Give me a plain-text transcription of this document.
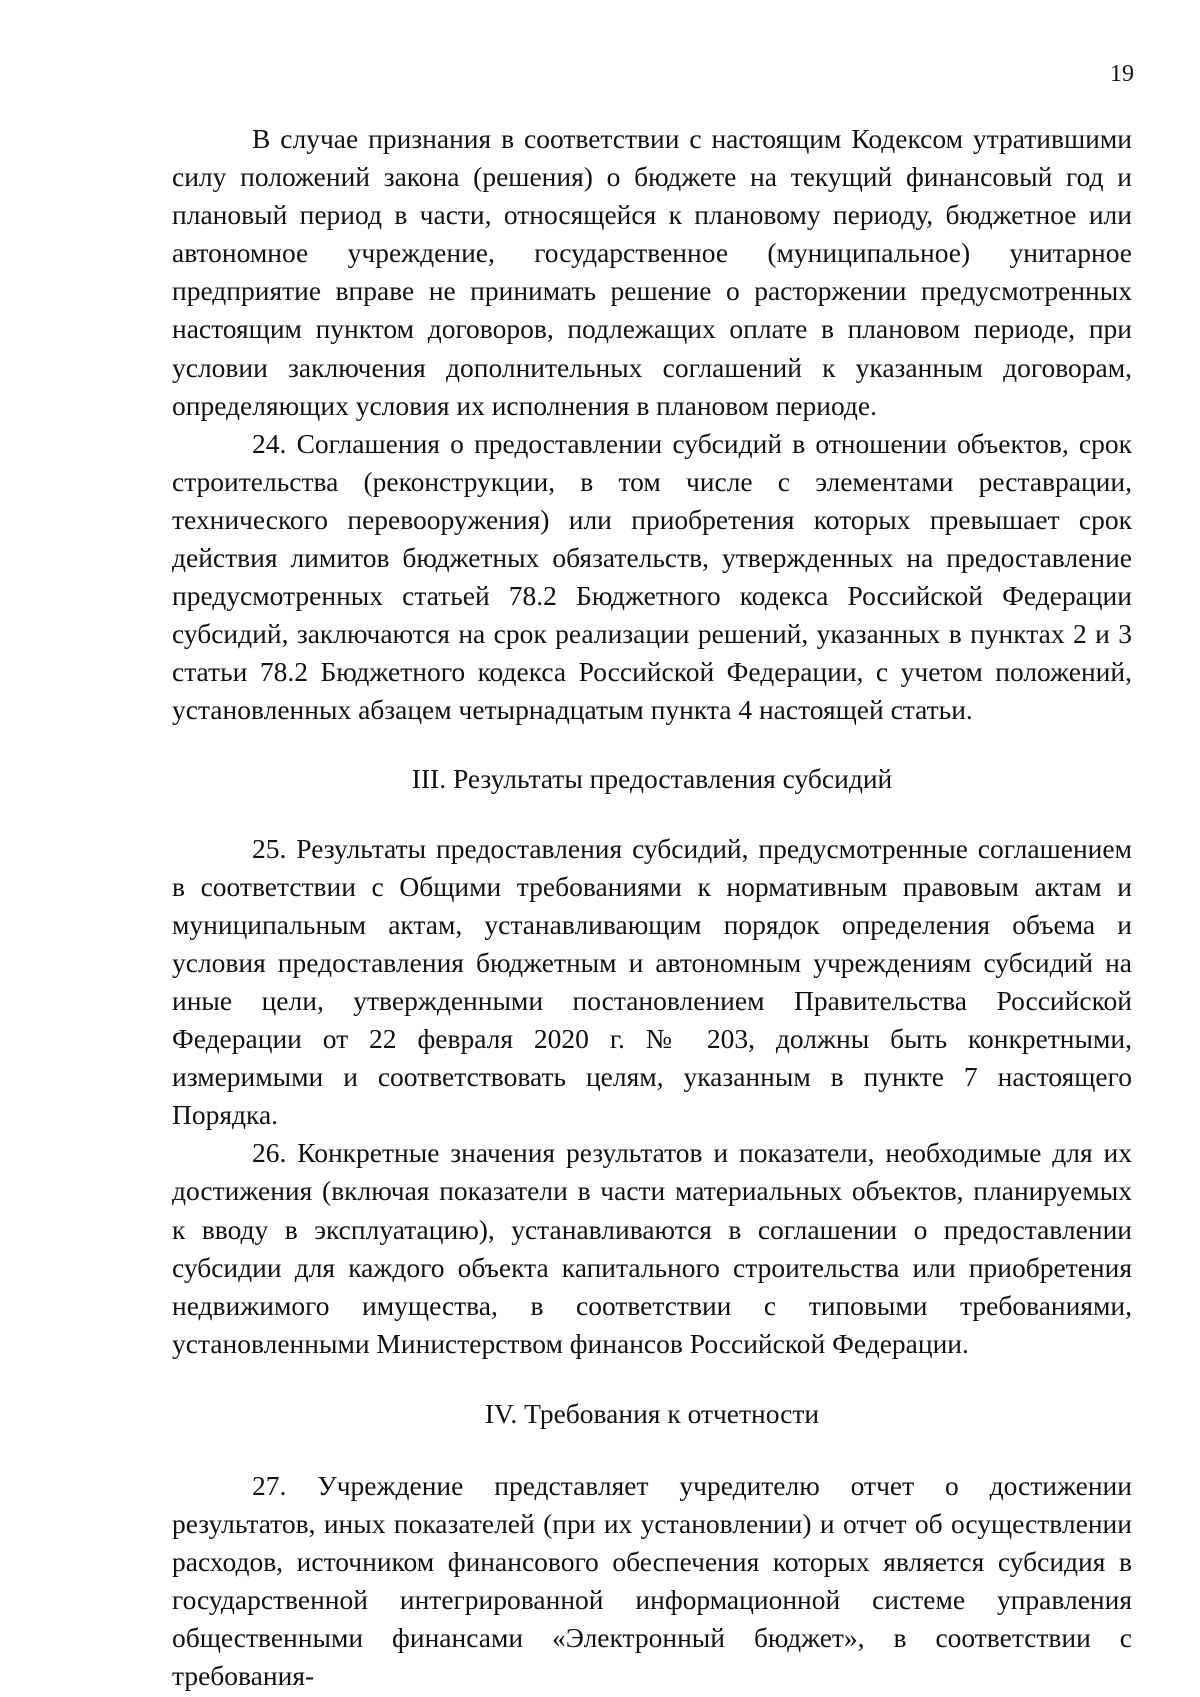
19

В случае признания в соответствии с настоящим Кодексом утратившими силу положений закона (решения) о бюджете на текущий финансовый год и плановый период в части, относящейся к плановому периоду, бюджетное или автономное учреждение, государственное (муниципальное) унитарное предприятие вправе не принимать решение о расторжении предусмотренных настоящим пунктом договоров, подлежащих оплате в плановом периоде, при условии заключения дополнительных соглашений к указанным договорам, определяющих условия их исполнения в плановом периоде.

24. Соглашения о предоставлении субсидий в отношении объектов, срок строительства (реконструкции, в том числе с элементами реставрации, технического перевооружения) или приобретения которых превышает срок действия лимитов бюджетных обязательств, утвержденных на предоставление предусмотренных статьей 78.2 Бюджетного кодекса Российской Федерации субсидий, заключаются на срок реализации решений, указанных в пунктах 2 и 3 статьи 78.2 Бюджетного кодекса Российской Федерации, с учетом положений, установленных абзацем четырнадцатым пункта 4 настоящей статьи.

III. Результаты предоставления субсидий

25. Результаты предоставления субсидий, предусмотренные соглашением в соответствии с Общими требованиями к нормативным правовым актам и муниципальным актам, устанавливающим порядок определения объема и условия предоставления бюджетным и автономным учреждениям субсидий на иные цели, утвержденными постановлением Правительства Российской Федерации от 22 февраля 2020 г. № 203, должны быть конкретными, измеримыми и соответствовать целям, указанным в пункте 7 настоящего Порядка.

26. Конкретные значения результатов и показатели, необходимые для их достижения (включая показатели в части материальных объектов, планируемых к вводу в эксплуатацию), устанавливаются в соглашении о предоставлении субсидии для каждого объекта капитального строительства или приобретения недвижимого имущества, в соответствии с типовыми требованиями, установленными Министерством финансов Российской Федерации.

IV. Требования к отчетности

27. Учреждение представляет учредителю отчет о достижении результатов, иных показателей (при их установлении) и отчет об осуществлении расходов, источником финансового обеспечения которых является субсидия в государственной интегрированной информационной системе управления общественными финансами «Электронный бюджет», в соответствии с требования-
